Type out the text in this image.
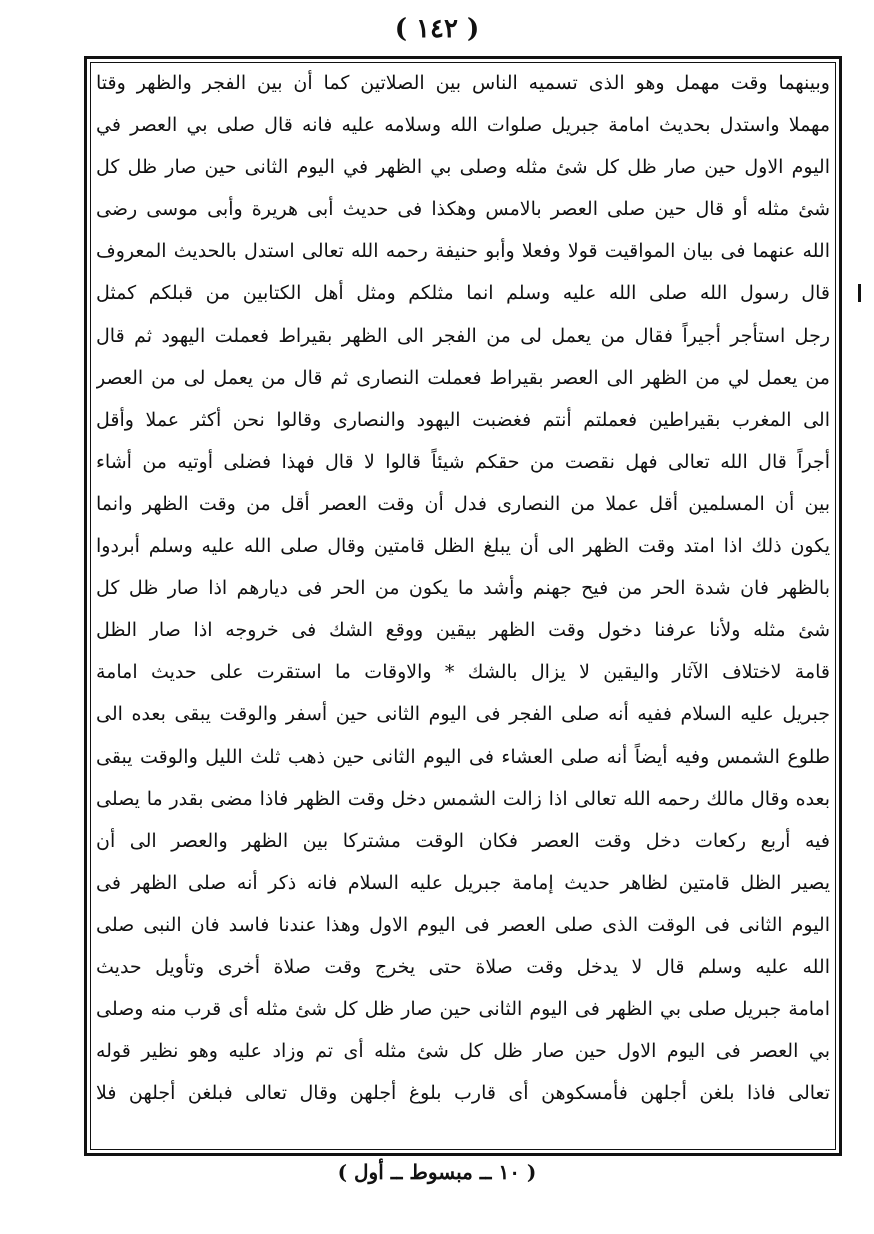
( ١٤٢ )
وبينهما وقت مهمل وهو الذى تسميه الناس بين الصلاتين كما أن بين الفجر والظهر وقتا
مهملا واستدل بحديث امامة جبريل صلوات الله وسلامه عليه فانه قال صلى بي العصر في
اليوم الاول حين صار ظل كل شئ مثله وصلى بي الظهر في اليوم الثانى حين صار ظل كل
شئ مثله أو قال حين صلى العصر بالامس وهكذا فى حديث أبى هريرة وأبى موسى رضى
الله عنهما فى بيان المواقيت قولا وفعلا وأبو حنيفة رحمه الله تعالى استدل بالحديث المعروف
قال رسول الله صلى الله عليه وسلم انما مثلكم ومثل أهل الكتابين من قبلكم كمثل
رجل استأجر أجيراً فقال من يعمل لى من الفجر الى الظهر بقيراط فعملت اليهود ثم قال
من يعمل لي من الظهر الى العصر بقيراط فعملت النصارى ثم قال من يعمل لى من العصر
الى المغرب بقيراطين فعملتم أنتم فغضبت اليهود والنصارى وقالوا نحن أكثر عملا وأقل
أجراً قال الله تعالى فهل نقصت من حقكم شيئاً قالوا لا قال فهذا فضلى أوتيه من أشاء
بين أن المسلمين أقل عملا من النصارى فدل أن وقت العصر أقل من وقت الظهر وانما
يكون ذلك اذا امتد وقت الظهر الى أن يبلغ الظل قامتين وقال صلى الله عليه وسلم أبردوا
بالظهر فان شدة الحر من فيح جهنم وأشد ما يكون من الحر فى ديارهم اذا صار ظل كل
شئ مثله ولأنا عرفنا دخول وقت الظهر بيقين ووقع الشك فى خروجه اذا صار الظل
قامة لاختلاف الآثار واليقين لا يزال بالشك * والاوقات ما استقرت على حديث امامة
جبريل عليه السلام ففيه أنه صلى الفجر فى اليوم الثانى حين أسفر والوقت يبقى بعده الى
طلوع الشمس وفيه أيضاً أنه صلى العشاء فى اليوم الثانى حين ذهب ثلث الليل والوقت يبقى
بعده وقال مالك رحمه الله تعالى اذا زالت الشمس دخل وقت الظهر فاذا مضى بقدر ما يصلى
فيه أربع ركعات دخل وقت العصر فكان الوقت مشتركا بين الظهر والعصر الى أن
يصير الظل قامتين لظاهر حديث إمامة جبريل عليه السلام فانه ذكر أنه صلى الظهر فى
اليوم الثانى فى الوقت الذى صلى العصر فى اليوم الاول وهذا عندنا فاسد فان النبى صلى
الله عليه وسلم قال لا يدخل وقت صلاة حتى يخرج وقت صلاة أخرى وتأويل حديث
امامة جبريل صلى بي الظهر فى اليوم الثانى حين صار ظل كل شئ مثله أى قرب منه وصلى
بي العصر فى اليوم الاول حين صار ظل كل شئ مثله أى تم وزاد عليه وهو نظير قوله
تعالى فاذا بلغن أجلهن فأمسكوهن أى قارب بلوغ أجلهن وقال تعالى فبلغن أجلهن فلا
( ١٠ ــ مبسوط ــ أول )
